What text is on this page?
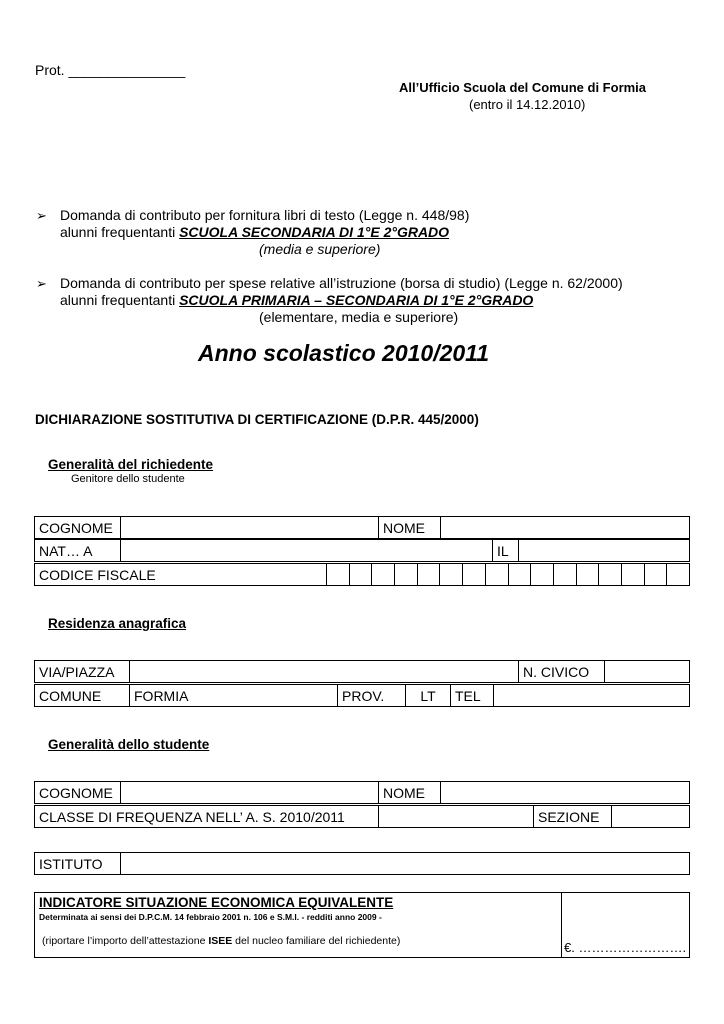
Prot. _______________
All’Ufficio Scuola del Comune di Formia
(entro il 14.12.2010)
➢ Domanda di contributo per fornitura libri di testo (Legge n. 448/98)
alunni frequentanti SCUOLA SECONDARIA DI 1°E 2°GRADO
(media e superiore)
➢ Domanda di contributo per spese relative all’istruzione (borsa di studio) (Legge n. 62/2000)
alunni frequentanti SCUOLA PRIMARIA – SECONDARIA DI 1°E 2°GRADO
(elementare, media e superiore)
Anno scolastico 2010/2011
DICHIARAZIONE SOSTITUTIVA DI CERTIFICAZIONE (D.P.R. 445/2000)
Generalità del richiedente
Genitore dello studente
COGNOME		NOME	
NAT… A		IL	
CODICE FISCALE																
Residenza anagrafica
VIA/PIAZZA		N. CIVICO	
COMUNE	FORMIA	PROV.	LT	TEL	
Generalità dello studente
COGNOME		NOME	
CLASSE DI FREQUENZA NELL’ A. S. 2010/2011		SEZIONE	
ISTITUTO	
INDICATORE SITUAZIONE ECONOMICA EQUIVALENTE
Determinata ai sensi dei D.P.C.M. 14 febbraio 2001 n. 106 e S.M.I. - redditi anno 2009 -
(riportare l’importo dell’attestazione ISEE del nucleo familiare del richiedente)	€. …………………….
